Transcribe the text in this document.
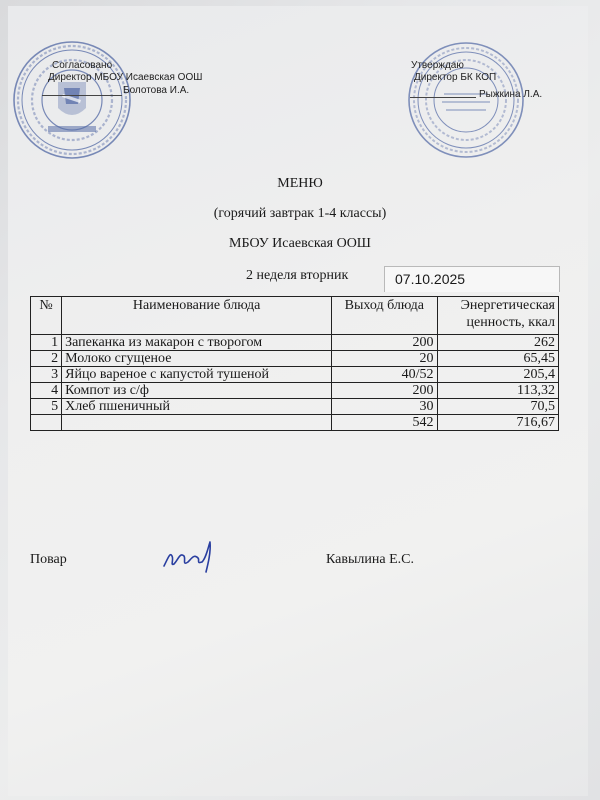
Согласовано
Директор МБОУ Исаевская ООШ
Болотова И.А.
Утверждаю
Директор БК КОП
Рыжкина Л.А.
МЕНЮ
(горячий завтрак 1-4 классы)
МБОУ Исаевская ООШ
2 неделя вторник	07.10.2025
№	Наименование блюда	Выход блюда	Энергетическая ценность, ккал
1	Запеканка из макарон с творогом	200	262
2	Молоко сгущеное	20	65,45
3	Яйцо вареное с капустой тушеной	40/52	205,4
4	Компот из с/ф	200	113,32
5	Хлеб пшеничный	30	70,5
		542	716,67
Повар	Кавылина Е.С.
